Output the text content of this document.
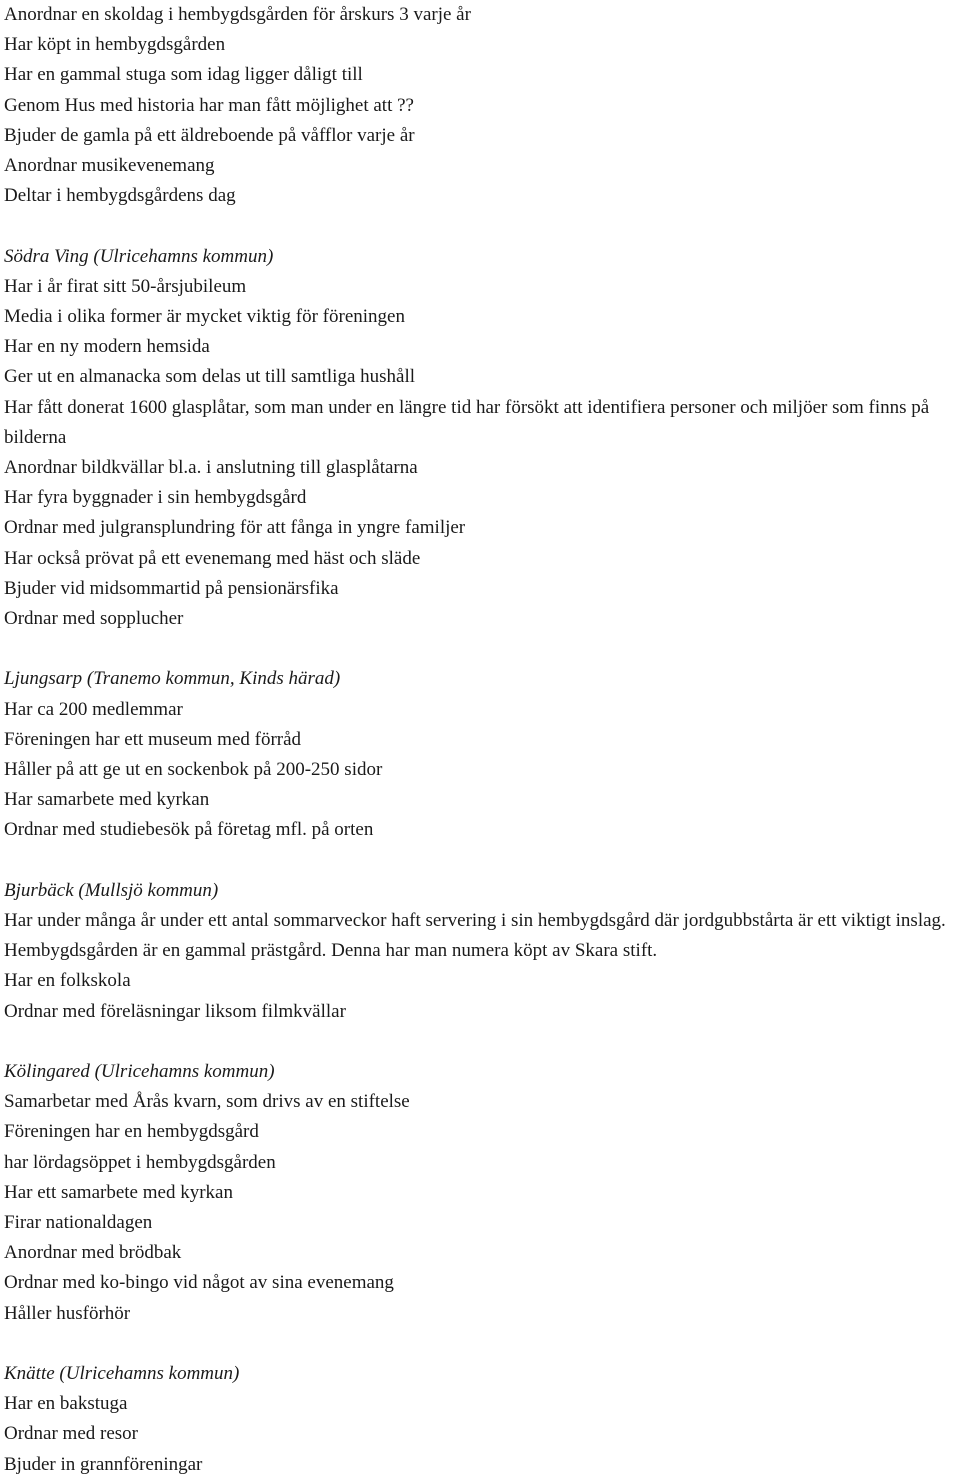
Anordnar en skoldag i hembygdsgården för årskurs 3 varje år

Har köpt in hembygdsgården

Har en gammal stuga som idag ligger dåligt till

Genom Hus med historia har man fått möjlighet att ??

Bjuder de gamla på ett äldreboende på våfflor varje år

Anordnar musikevenemang

Deltar i hembygdsgårdens dag

Södra Ving (Ulricehamns kommun)

Har i år firat sitt 50-årsjubileum

Media i olika former är mycket viktig för föreningen

Har en ny modern hemsida

Ger ut en almanacka som delas ut till samtliga hushåll

Har fått donerat 1600 glasplåtar, som man under en längre tid har försökt att identifiera personer och miljöer som finns på bilderna

Anordnar bildkvällar bl.a. i anslutning till glasplåtarna

Har fyra byggnader i sin hembygdsgård

Ordnar med julgransplundring för att fånga in yngre familjer

Har också prövat på ett evenemang med häst och släde

Bjuder vid midsommartid på pensionärsfika

Ordnar med sopplucher

Ljungsarp (Tranemo kommun, Kinds härad)

Har ca 200 medlemmar

Föreningen har ett museum med förråd

Håller på att ge ut en sockenbok på 200-250 sidor

Har samarbete med kyrkan

Ordnar med studiebesök på företag mfl. på orten

Bjurbäck (Mullsjö kommun)

Har under många år under ett antal sommarveckor haft servering i sin hembygdsgård där jordgubbstårta är ett viktigt inslag. Hembygdsgården är en gammal prästgård. Denna har man numera köpt av Skara stift.

Har en folkskola

Ordnar med föreläsningar liksom filmkvällar

Kölingared (Ulricehamns kommun)

Samarbetar med Årås kvarn, som drivs av en stiftelse

Föreningen har en hembygdsgård

har lördagsöppet i hembygdsgården

Har ett samarbete med kyrkan

Firar nationaldagen

Anordnar med brödbak

Ordnar med ko-bingo vid något av sina evenemang

Håller husförhör

Knätte (Ulricehamns kommun)

Har en bakstuga

Ordnar med resor

Bjuder in grannföreningar
